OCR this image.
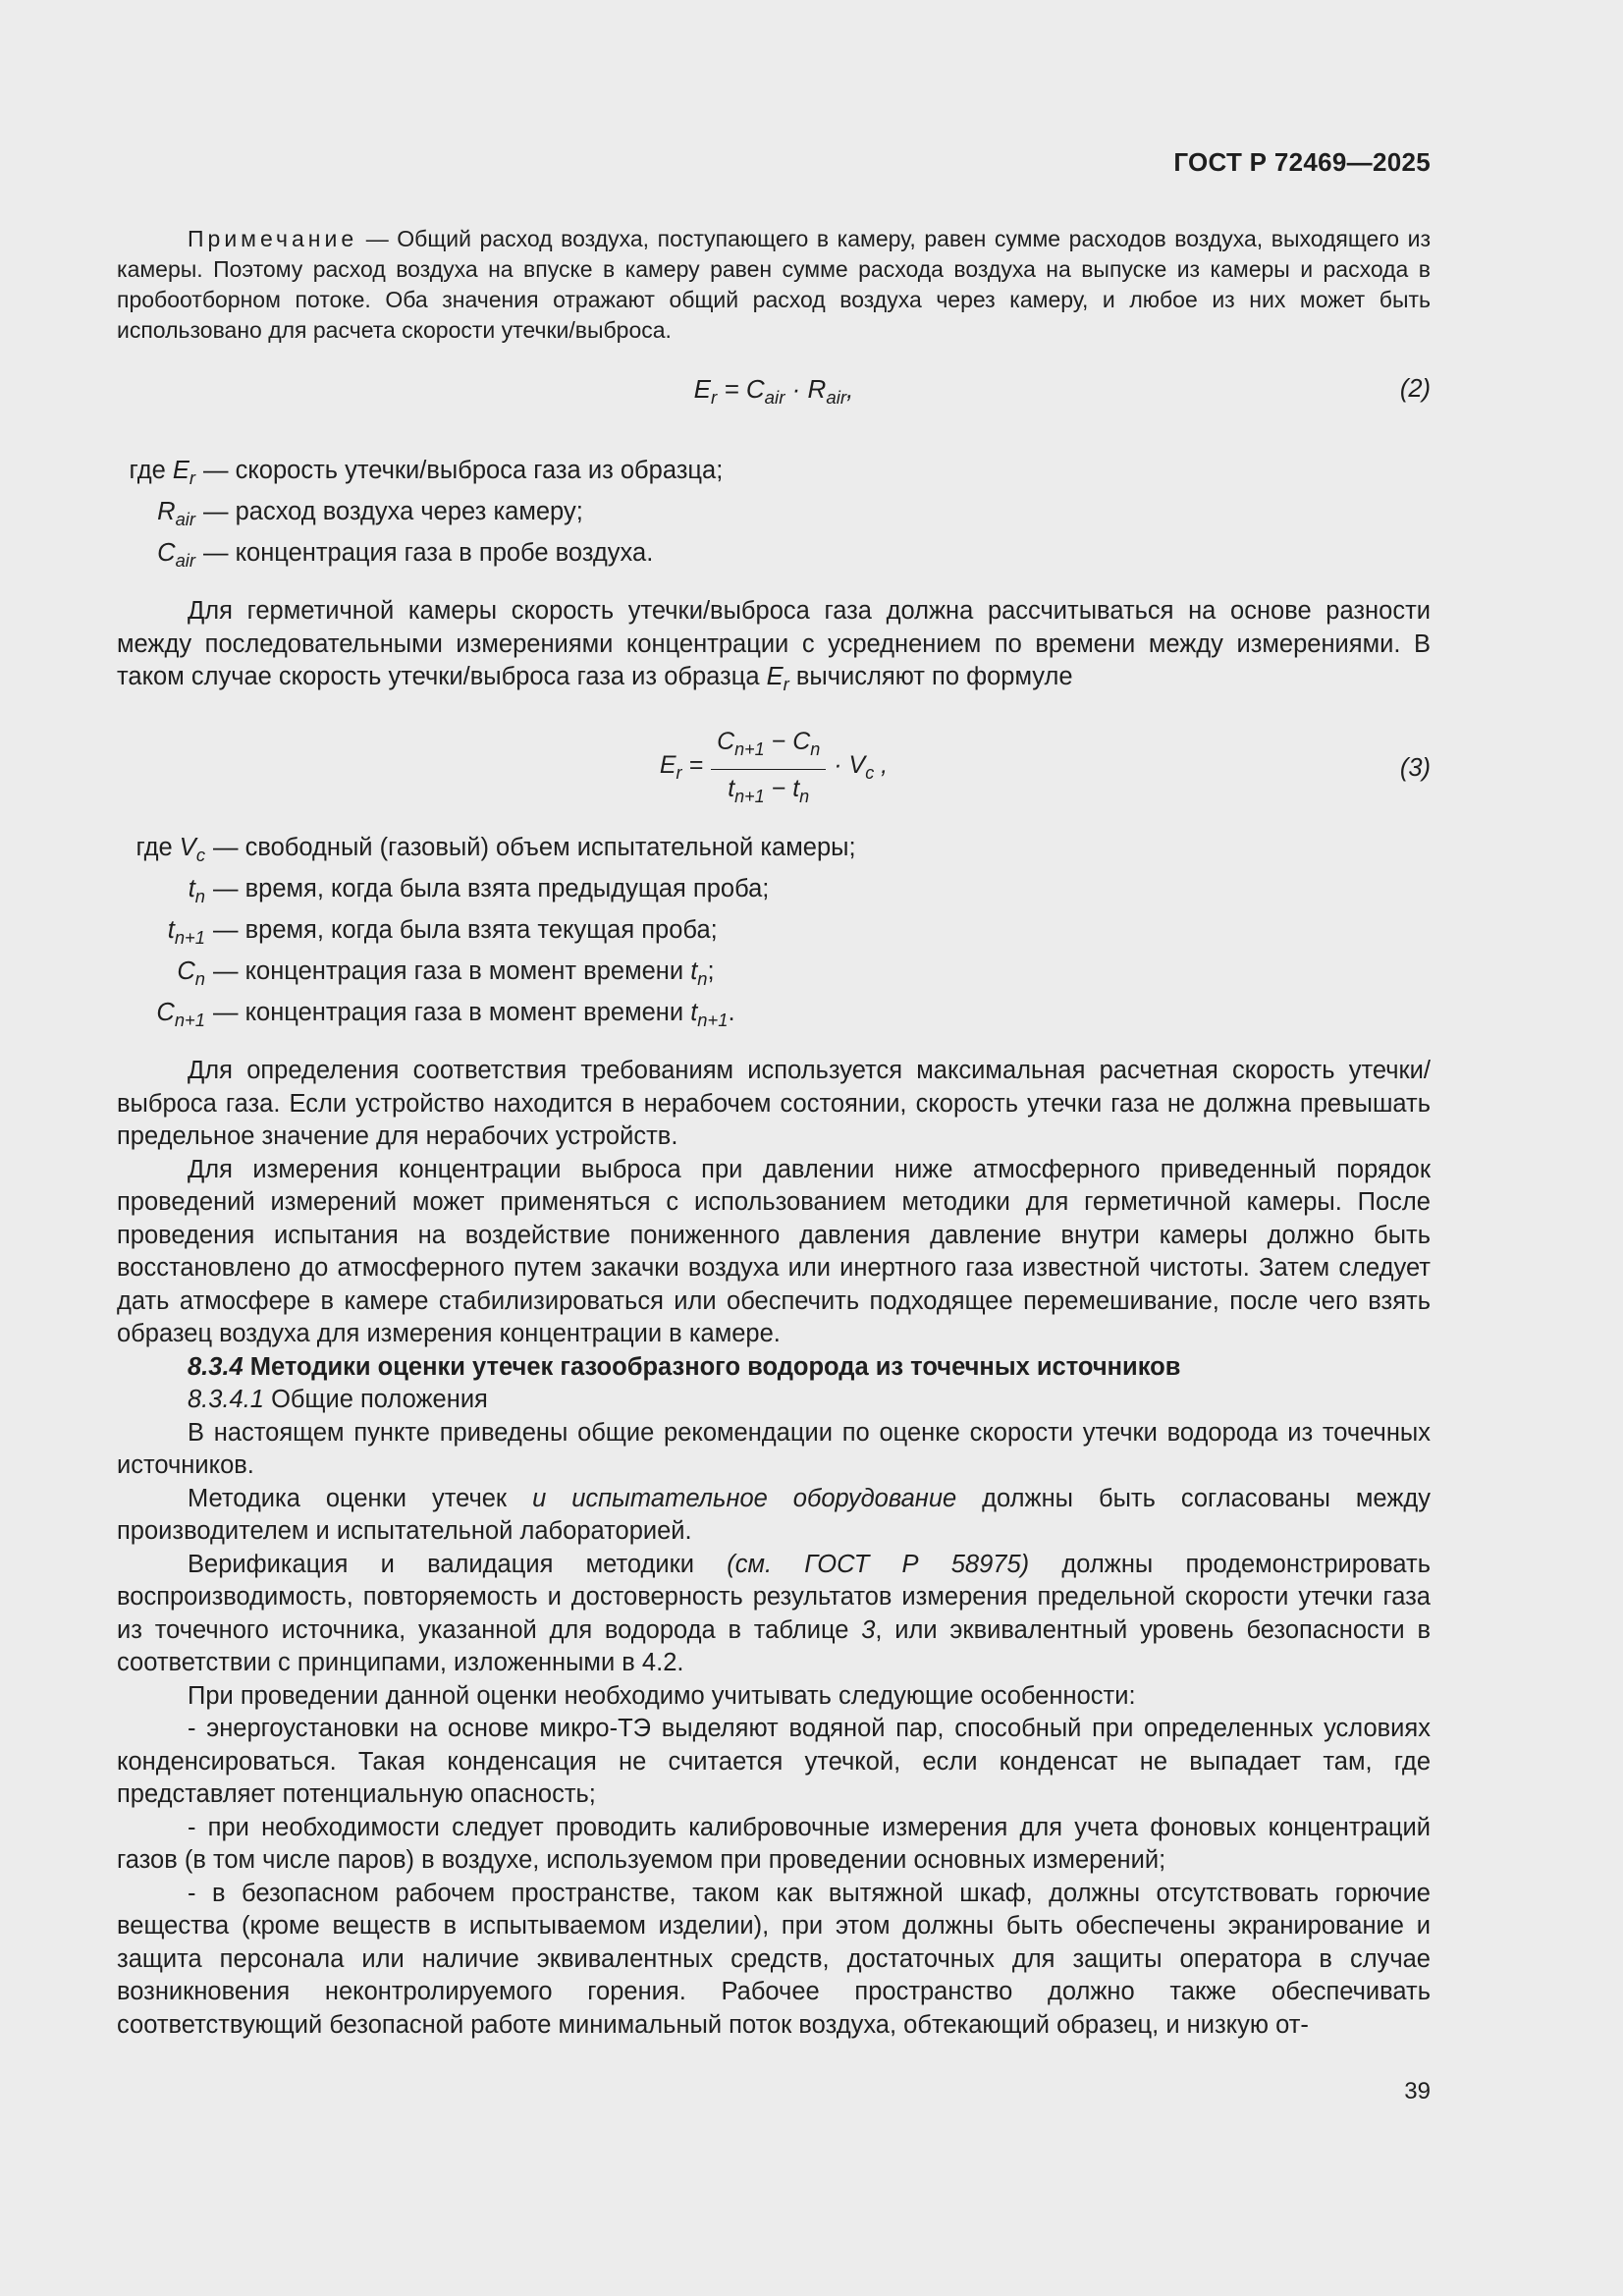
ГОСТ Р 72469—2025
Примечание — Общий расход воздуха, поступающего в камеру, равен сумме расходов воздуха, выходящего из камеры. Поэтому расход воздуха на впуске в камеру равен сумме расхода воздуха на выпуске из камеры и расхода в пробоотборном потоке. Оба значения отражают общий расход воздуха через камеру, и любое из них может быть использовано для расчета скорости утечки/выброса.
$E_r = C_{air} \cdot R_{air}$,	(2)
где $E_r$ — скорость утечки/выброса газа из образца;
$R_{air}$ — расход воздуха через камеру;
$C_{air}$ — концентрация газа в пробе воздуха.

Для герметичной камеры скорость утечки/выброса газа должна рассчитываться на основе разности между последовательными измерениями концентрации с усреднением по времени между измерениями. В таком случае скорость утечки/выброса газа из образца $E_r$ вычисляют по формуле

$E_r = \frac{C_{n+1} - C_n}{t_{n+1} - t_n} \cdot V_c$ ,	(3)
где $V_c$ — свободный (газовый) объем испытательной камеры;
$t_n$ — время, когда была взята предыдущая проба;
$t_{n+1}$ — время, когда была взята текущая проба;
$C_n$ — концентрация газа в момент времени $t_n$;
$C_{n+1}$ — концентрация газа в момент времени $t_{n+1}$.

Для определения соответствия требованиям используется максимальная расчетная скорость утечки/выброса газа. Если устройство находится в нерабочем состоянии, скорость утечки газа не должна превышать предельное значение для нерабочих устройств.

Для измерения концентрации выброса при давлении ниже атмосферного приведенный порядок проведений измерений может применяться с использованием методики для герметичной камеры. После проведения испытания на воздействие пониженного давления давление внутри камеры должно быть восстановлено до атмосферного путем закачки воздуха или инертного газа известной чистоты. Затем следует дать атмосфере в камере стабилизироваться или обеспечить подходящее перемешивание, после чего взять образец воздуха для измерения концентрации в камере.

8.3.4 Методики оценки утечек газообразного водорода из точечных источников

8.3.4.1 Общие положения

В настоящем пункте приведены общие рекомендации по оценке скорости утечки водорода из точечных источников.

Методика оценки утечек и испытательное оборудование должны быть согласованы между производителем и испытательной лабораторией.

Верификация и валидация методики (см. ГОСТ Р 58975) должны продемонстрировать воспроизводимость, повторяемость и достоверность результатов измерения предельной скорости утечки газа из точечного источника, указанной для водорода в таблице 3, или эквивалентный уровень безопасности в соответствии с принципами, изложенными в 4.2.

При проведении данной оценки необходимо учитывать следующие особенности:

- энергоустановки на основе микро-ТЭ выделяют водяной пар, способный при определенных условиях конденсироваться. Такая конденсация не считается утечкой, если конденсат не выпадает там, где представляет потенциальную опасность;

- при необходимости следует проводить калибровочные измерения для учета фоновых концентраций газов (в том числе паров) в воздухе, используемом при проведении основных измерений;

- в безопасном рабочем пространстве, таком как вытяжной шкаф, должны отсутствовать горючие вещества (кроме веществ в испытываемом изделии), при этом должны быть обеспечены экранирование и защита персонала или наличие эквивалентных средств, достаточных для защиты оператора в случае возникновения неконтролируемого горения. Рабочее пространство должно также обеспечивать соответствующий безопасной работе минимальный поток воздуха, обтекающий образец, и низкую от-

39
